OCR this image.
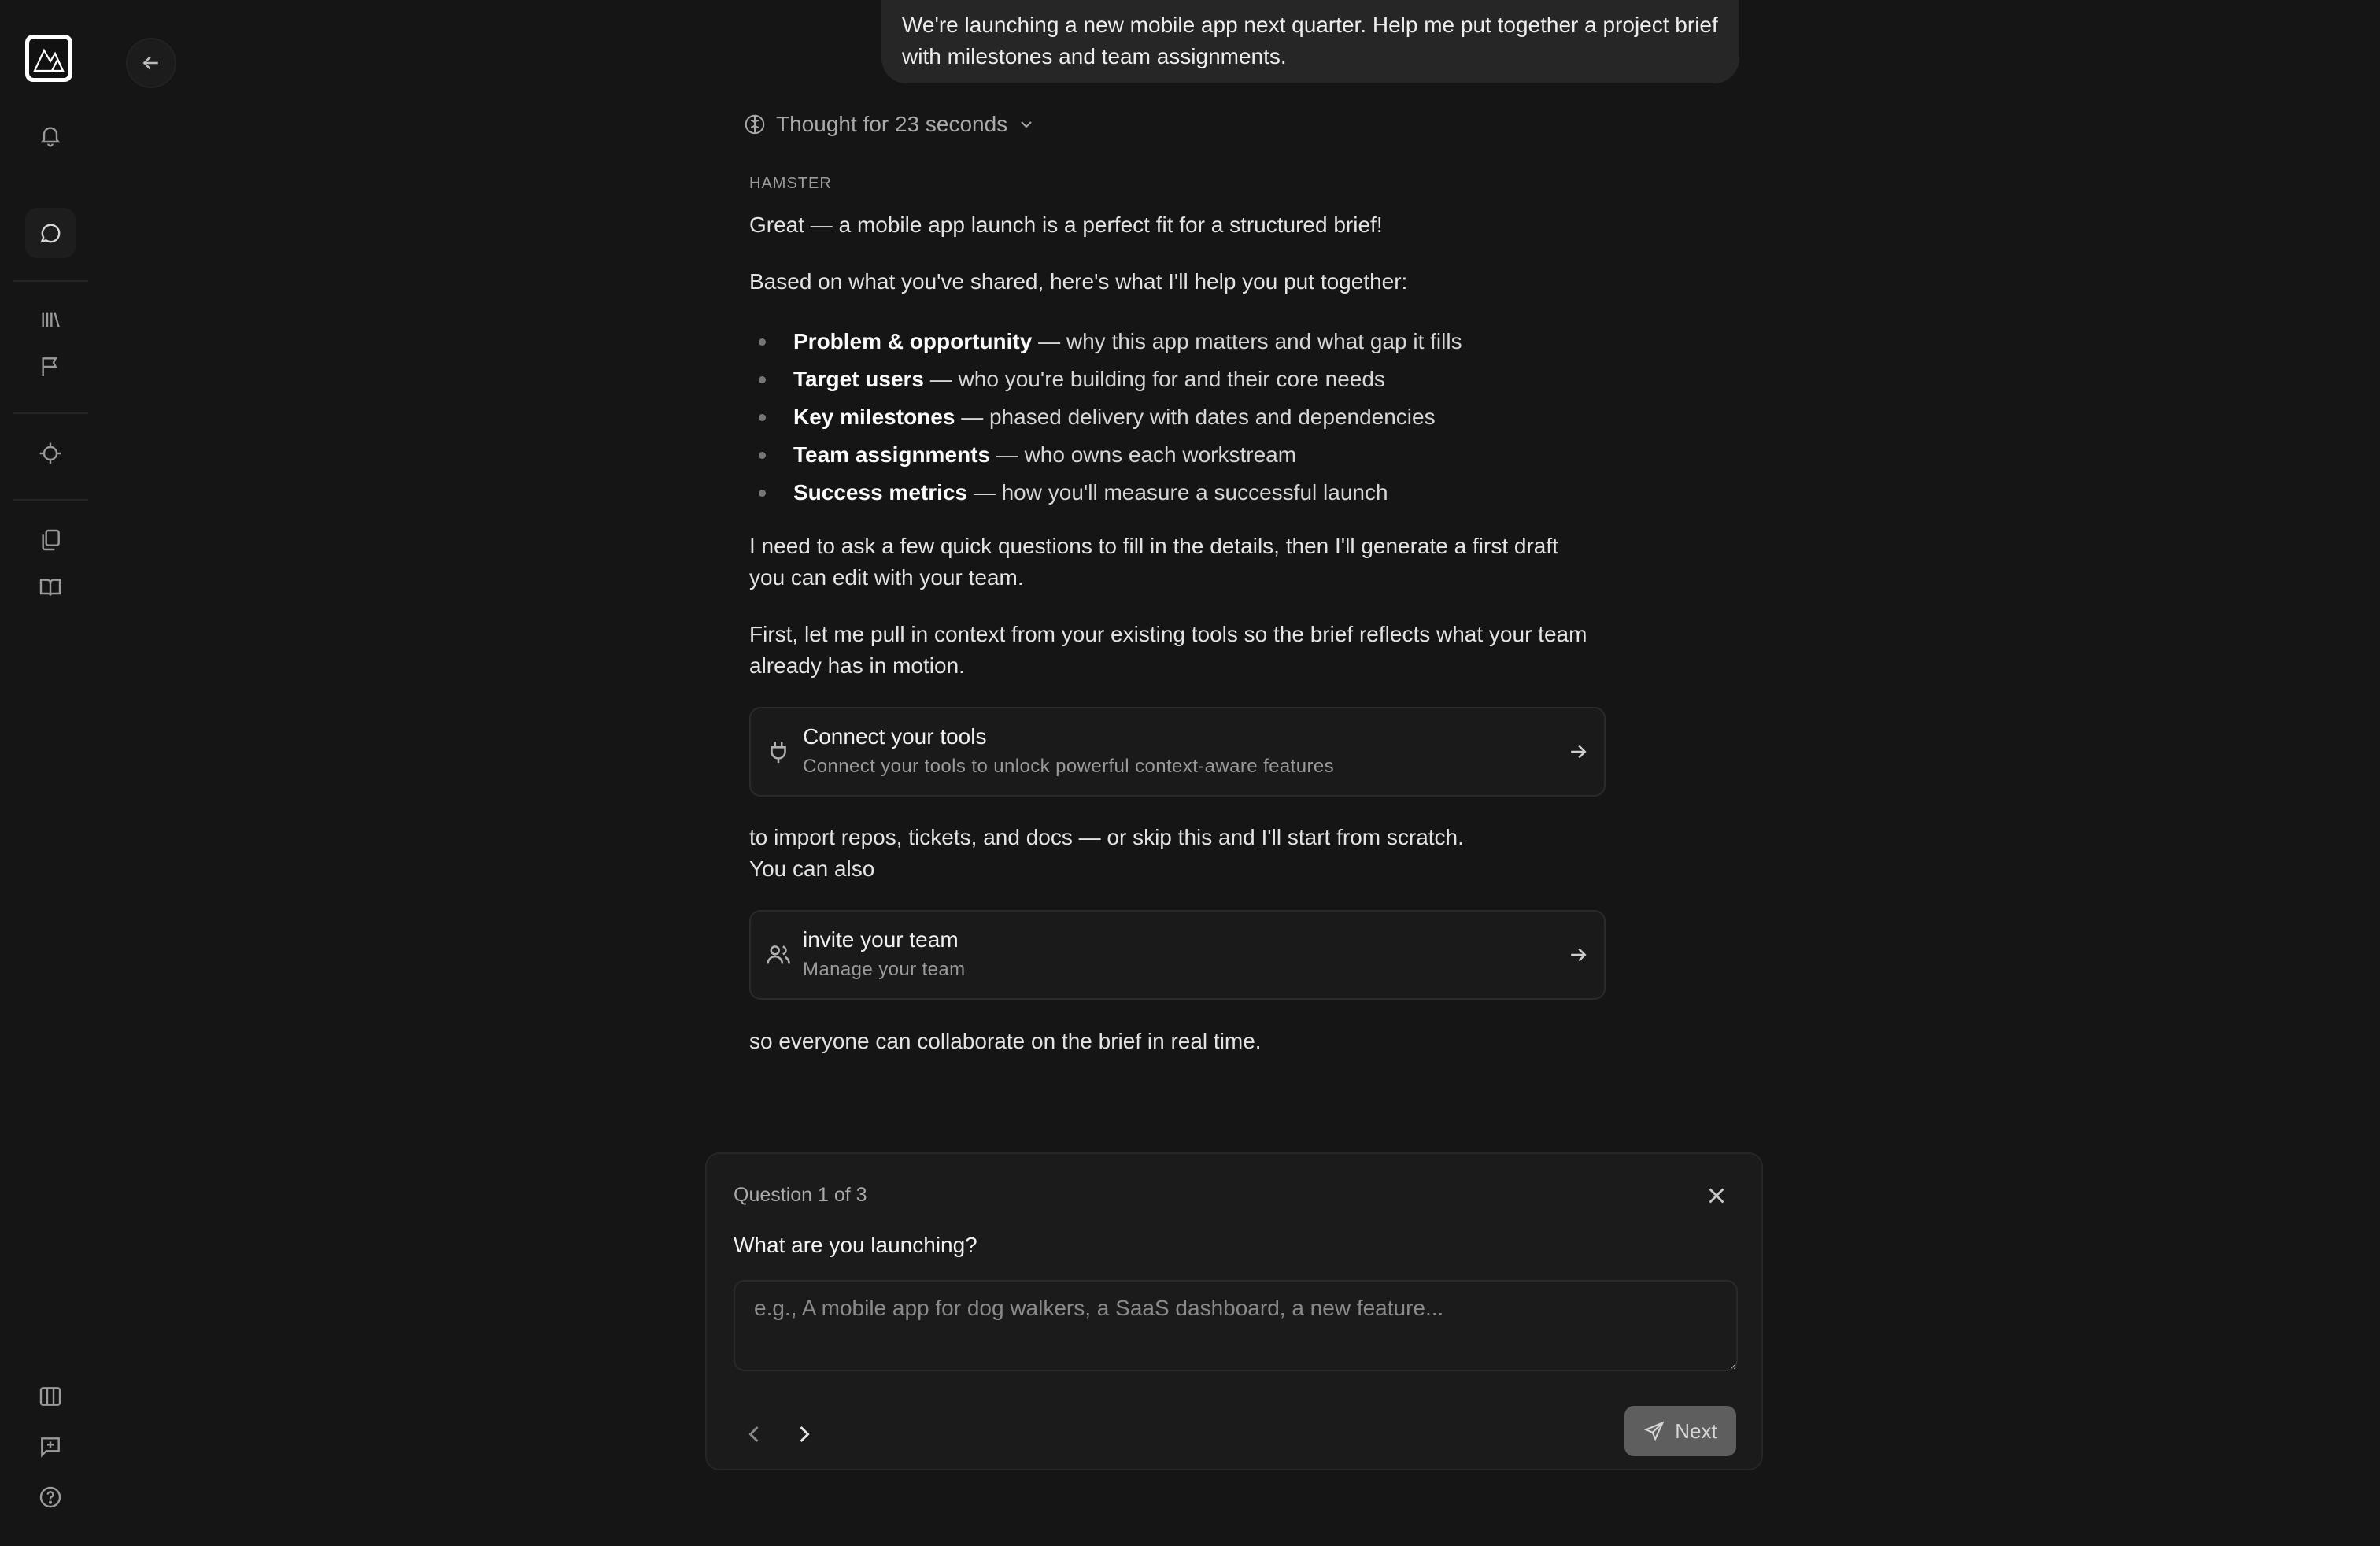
We're launching a new mobile app next quarter. Help me put together a project brief with milestones and team assignments.
Thought for 23 seconds
HAMSTER
Great — a mobile app launch is a perfect fit for a structured brief!
Based on what you've shared, here's what I'll help you put together:
Problem & opportunity — why this app matters and what gap it fills
Target users — who you're building for and their core needs
Key milestones — phased delivery with dates and dependencies
Team assignments — who owns each workstream
Success metrics — how you'll measure a successful launch
I need to ask a few quick questions to fill in the details, then I'll generate a first draft you can edit with your team.
First, let me pull in context from your existing tools so the brief reflects what your team already has in motion.
Connect your tools
Connect your tools to unlock powerful context-aware features
to import repos, tickets, and docs — or skip this and I'll start from scratch.
You can also
invite your team
Manage your team
so everyone can collaborate on the brief in real time.
Question 1 of 3
What are you launching?
e.g., A mobile app for dog walkers, a SaaS dashboard, a new feature...
Next
